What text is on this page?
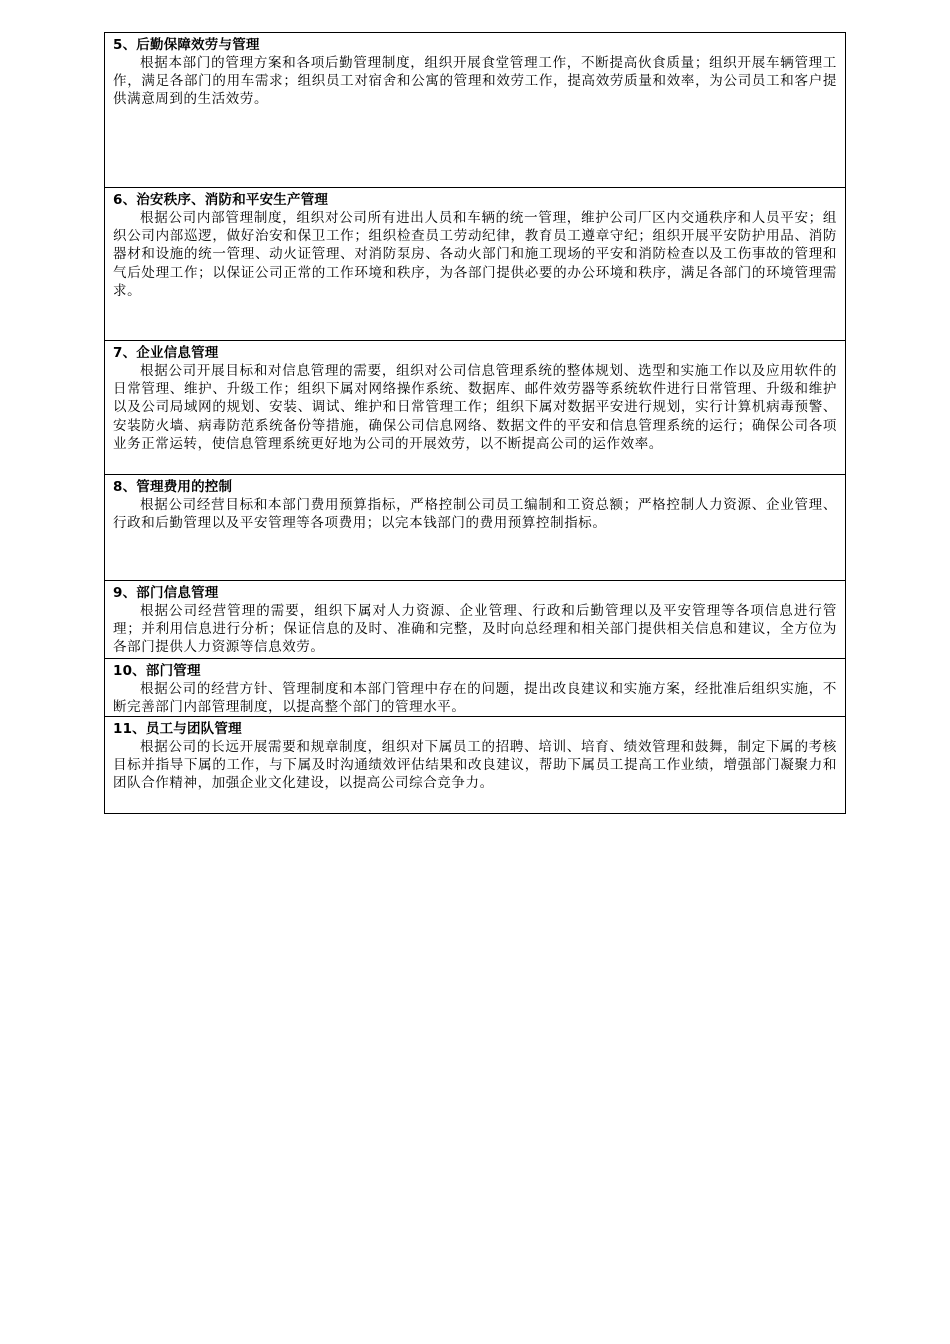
5、后勤保障效劳与管理

根据本部门的管理方案和各项后勤管理制度，组织开展食堂管理工作，不断提高伙食质量；组织开展车辆管理工作，满足各部门的用车需求；组织员工对宿舍和公寓的管理和效劳工作，提高效劳质量和效率，为公司员工和客户提供满意周到的生活效劳。

6、治安秩序、消防和平安生产管理

根据公司内部管理制度，组织对公司所有进出人员和车辆的统一管理，维护公司厂区内交通秩序和人员平安；组织公司内部巡逻，做好治安和保卫工作；组织检查员工劳动纪律，教育员工遵章守纪；组织开展平安防护用品、消防器材和设施的统一管理、动火证管理、对消防泵房、各动火部门和施工现场的平安和消防检查以及工伤事故的管理和气后处理工作；以保证公司正常的工作环境和秩序，为各部门提供必要的办公环境和秩序，满足各部门的环境管理需求。

7、企业信息管理

根据公司开展目标和对信息管理的需要，组织对公司信息管理系统的整体规划、选型和实施工作以及应用软件的日常管理、维护、升级工作；组织下属对网络操作系统、数据库、邮件效劳器等系统软件进行日常管理、升级和维护以及公司局域网的规划、安装、调试、维护和日常管理工作；组织下属对数据平安进行规划，实行计算机病毒预警、安装防火墙、病毒防范系统备份等措施，确保公司信息网络、数据文件的平安和信息管理系统的运行；确保公司各项业务正常运转，使信息管理系统更好地为公司的开展效劳，以不断提高公司的运作效率。

8、管理费用的控制

根据公司经营目标和本部门费用预算指标，严格控制公司员工编制和工资总额；严格控制人力资源、企业管理、行政和后勤管理以及平安管理等各项费用；以完本钱部门的费用预算控制指标。

9、部门信息管理

根据公司经营管理的需要，组织下属对人力资源、企业管理、行政和后勤管理以及平安管理等各项信息进行管理；并利用信息进行分析；保证信息的及时、准确和完整，及时向总经理和相关部门提供相关信息和建议，全方位为各部门提供人力资源等信息效劳。

10、部门管理

根据公司的经营方针、管理制度和本部门管理中存在的问题，提出改良建议和实施方案，经批准后组织实施，不断完善部门内部管理制度，以提高整个部门的管理水平。

11、员工与团队管理

根据公司的长远开展需要和规章制度，组织对下属员工的招聘、培训、培育、绩效管理和鼓舞，制定下属的考核目标并指导下属的工作，与下属及时沟通绩效评估结果和改良建议，帮助下属员工提高工作业绩，增强部门凝聚力和团队合作精神，加强企业文化建设，以提高公司综合竞争力。
